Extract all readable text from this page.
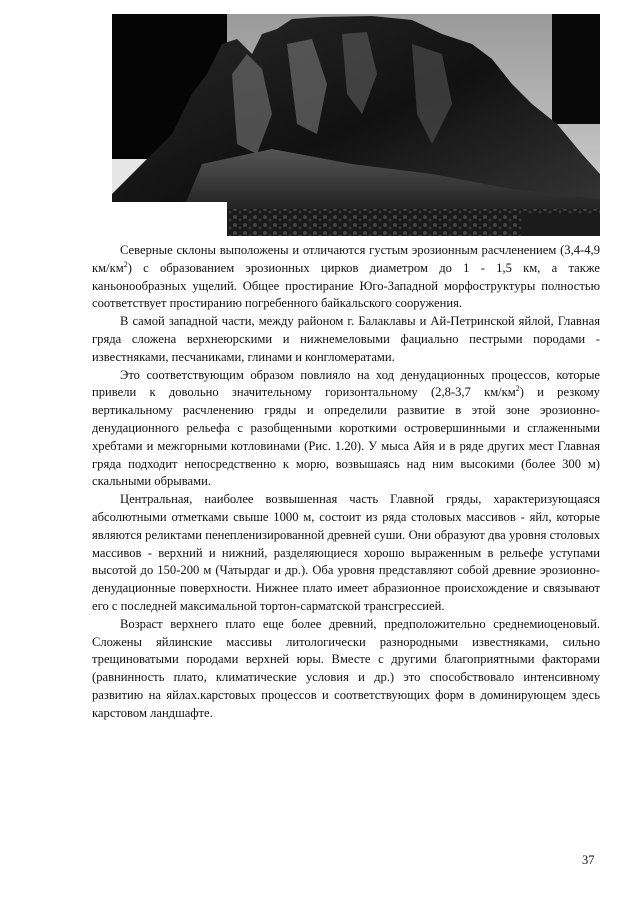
Северные склоны выположены и отличаются густым эрозионным расчленением (3,4-4,9 $км/км^2$) с образованием эрозионных цирков диаметром до 1 - 1,5 км, а также каньонообразных ущелий. Общее простирание Юго-Западной морфоструктуры полностью соответствует простиранию погребенного байкальского сооружения.

В самой западной части, между районом г. Балаклавы и Ай-Петринской яйлой, Главная гряда сложена верхнеюрскими и нижнемеловыми фациально пестрыми породами - известняками, песчаниками, глинами и конгломератами.

Это соответствующим образом повлияло на ход денудационных процессов, которые привели к довольно значительному горизонтальному (2,8-3,7 $км/км^2$) и резкому вертикальному расчленению гряды и определили развитие в этой зоне эрозионно-денудационного рельефа с разобщенными короткими островершинными и сглаженными хребтами и межгорными котловинами (Рис. 1.20). У мыса Айя и в ряде других мест Главная гряда подходит непосредственно к морю, возвышаясь над ним высокими (более 300 м) скальными обрывами.

Центральная, наиболее возвышенная часть Главной гряды, характеризующаяся абсолютными отметками свыше 1000 м, состоит из ряда столовых массивов - яйл, которые являются реликтами пенепленизированной древней суши. Они образуют два уровня столовых массивов - верхний и нижний, разделяющиеся хорошо выраженным в рельефе уступами высотой до 150-200 м (Чатырдаг и др.). Оба уровня представляют собой древние эрозионно-денудационные поверхности. Нижнее плато имеет абразионное происхождение и связывают его с последней максимальной тортон-сарматской трансгрессией.

Возраст верхнего плато еще более древний, предположительно среднемиоценовый. Сложены яйлинские массивы литологически разнородными известняками, сильно трещиноватыми породами верхней юры. Вместе с другими благоприятными факторами (равнинность плато, климатические условия и др.) это способствовало интенсивному развитию на яйлах.карстовых процессов и соответствующих форм в доминирующем здесь карстовом ландшафте.

37
